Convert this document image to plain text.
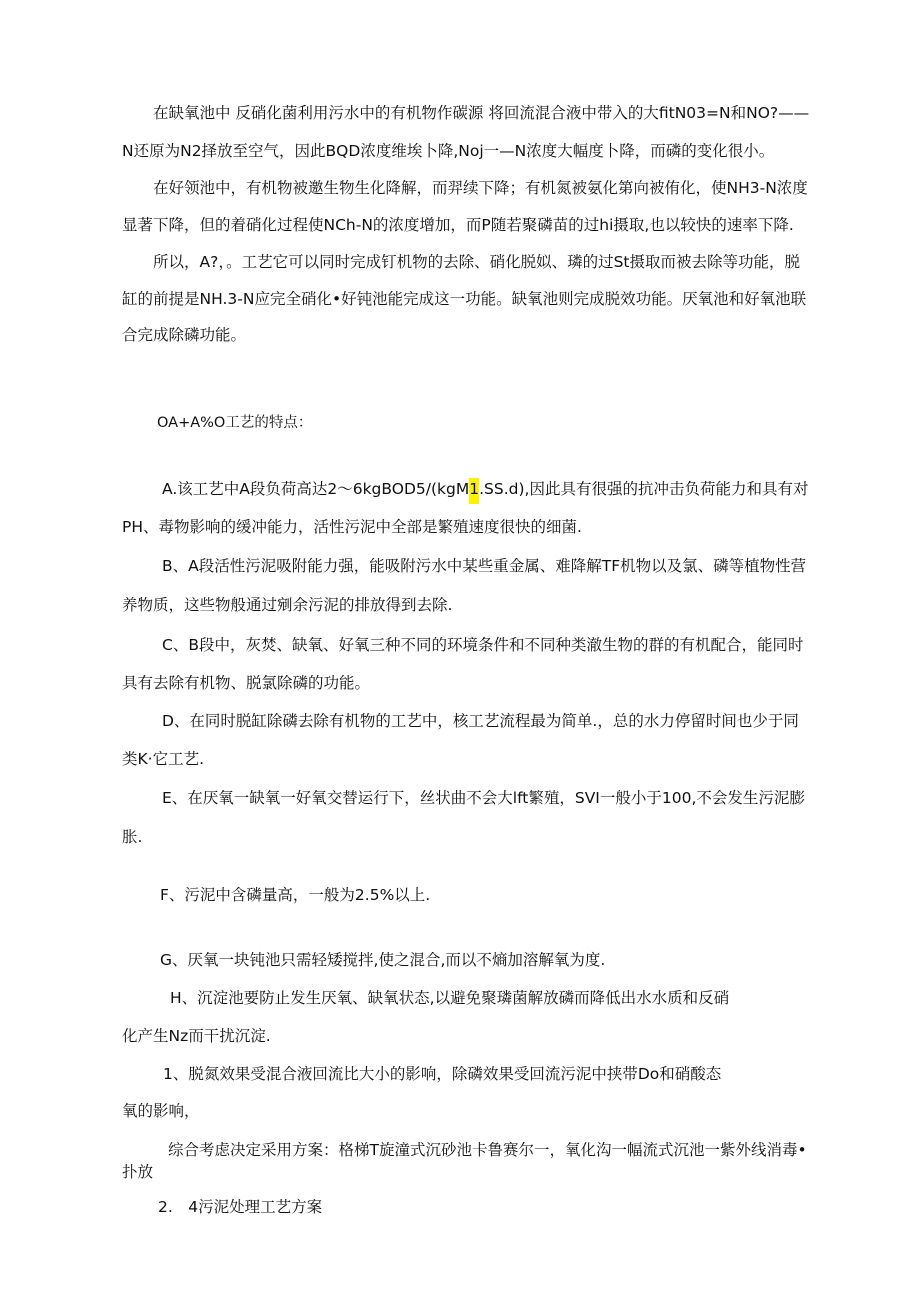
在缺氧池中 反硝化菌利用污水中的有机物作碳源 将回流混合液中带入的大fitN03=N和NO?——
N还原为N2择放至空气，因此BQD浓度维埃卜降,Noj一—N浓度大幅度卜降，而磷的变化很小。
在好领池中，有机物被邀生物生化降解，而羿续下降；有机氮被氨化第向被侑化，使NH3-N浓度
显著下降，但的着硝化过程使NCh-N的浓度增加，而P随若聚磷苗的过hi摄取,也以较快的速率下降.
所以，A?，。工艺它可以同时完成钉机物的去除、硝化脱姒、璘的过St摄取而被去除等功能，脱
缸的前提是NH.3-N应完全硝化•好钝池能完成这一功能。缺氧池则完成脱效功能。厌氧池和好氧池联
合完成除磷功能。
OA+A%O工艺的特点：
A.该工艺中A段负荷高达2〜6kgBOD5/(kgM1.SS.d),因此具有很强的抗冲击负荷能力和具有对
PH、毒物影响的缓冲能力，活性污泥中全部是繁殖速度很快的细菌.
B、A段活性污泥吸附能力强，能吸附污水中某些重金属、难降解TF机物以及氯、磷等植物性营
养物质，这些物般通过剜余污泥的排放得到去除.
C、B段中，灰焚、缺氧、好氧三种不同的环境条件和不同种类澈生物的群的有机配合，能同时
具有去除有机物、脱氯除磷的功能。
D、在同时脱缸除磷去除有机物的工艺中，核工艺流程最为简单.，总的水力停留时间也少于同
类K·它工艺.
E、在厌氧一缺氧一好氧交替运行下，丝状曲不会大lft繁殖，SVI一般小于100,不会发生污泥膨
胀.
F、污泥中含磷量高，一般为2.5%以上.
G、厌氧一块钝池只需轻矮搅拌,使之混合,而以不熵加溶解氧为度.
H、沉淀池要防止发生厌氧、缺氧状态,以避免聚璘菌解放磷而降低出水水质和反硝
化产生Nz而干扰沉淀.
1、脱氮效果受混合液回流比大小的影响，除磷效果受回流污泥中挟带Do和硝酸态
氧的影响，
综合考虑决定采用方案：格梯T旋潼式沉砂池卡鲁赛尔一，氧化沟一幅流式沉池一紫外线消毒•
扑放
2.　4污泥处理工艺方案
